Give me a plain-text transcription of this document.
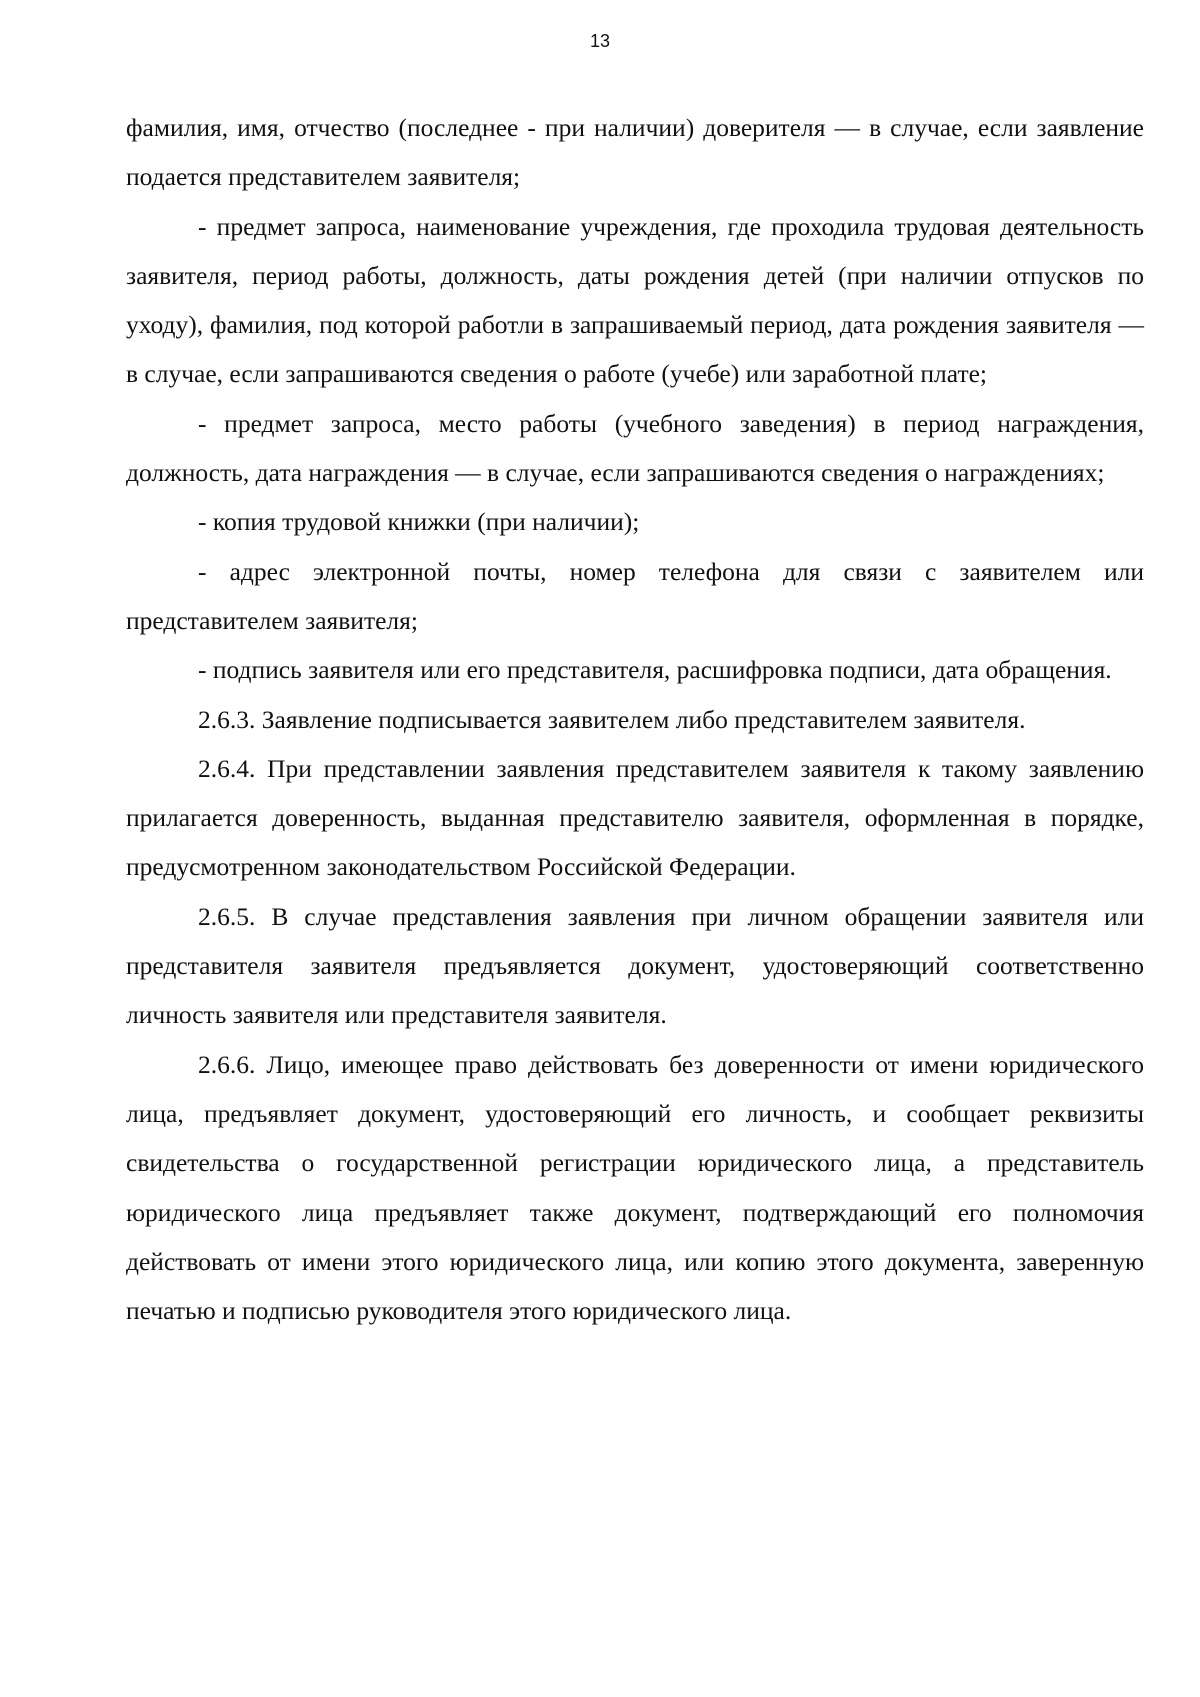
13

фамилия, имя, отчество (последнее - при наличии) доверителя — в случае, если заявление подается представителем заявителя;

- предмет запроса, наименование учреждения, где проходила трудовая деятельность заявителя, период работы, должность, даты рождения детей (при наличии отпусков по уходу), фамилия, под которой работли в запрашиваемый период, дата рождения заявителя — в случае, если запрашиваются сведения о работе (учебе) или заработной плате;

- предмет запроса, место работы (учебного заведения) в период награждения, должность, дата награждения — в случае, если запрашиваются сведения о награждениях;

- копия трудовой книжки (при наличии);

- адрес электронной почты, номер телефона для связи с заявителем или представителем заявителя;

- подпись заявителя или его представителя, расшифровка подписи, дата обращения.

2.6.3. Заявление подписывается заявителем либо представителем заявителя.

2.6.4. При представлении заявления представителем заявителя к такому заявлению прилагается доверенность, выданная представителю заявителя, оформленная в порядке, предусмотренном законодательством Российской Федерации.

2.6.5. В случае представления заявления при личном обращении заявителя или представителя заявителя предъявляется документ, удостоверяющий соответственно личность заявителя или представителя заявителя.

2.6.6. Лицо, имеющее право действовать без доверенности от имени юридического лица, предъявляет документ, удостоверяющий его личность, и сообщает реквизиты свидетельства о государственной регистрации юридического лица, а представитель юридического лица предъявляет также документ, подтверждающий его полномочия действовать от имени этого юридического лица, или копию этого документа, заверенную печатью и подписью руководителя этого юридического лица.
